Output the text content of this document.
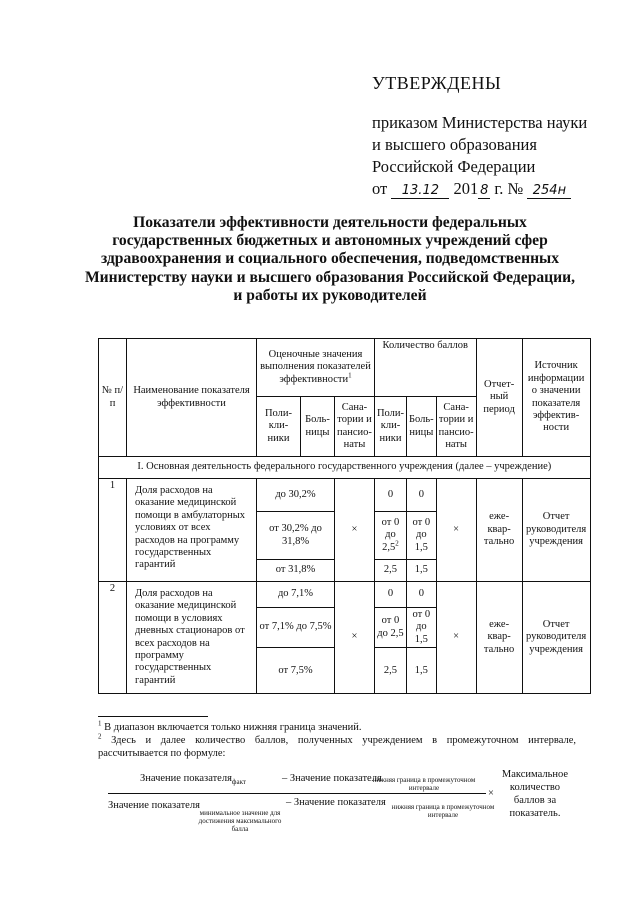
УТВЕРЖДЕНЫ
приказом Министерства науки
и высшего образования
Российской Федерации
от 13.12 201 8 г. № 254н
Показатели эффективности деятельности федеральных
государственных бюджетных и автономных учреждений сфер
здравоохранения и социального обеспечения, подведомственных
Министерству науки и высшего образования Российской Федерации,
и работы их руководителей
№ п/п	Наименование показателя эффективности	Оценочные значения выполнения показателей эффективности$^1$			Количество баллов			Отчет-ный период	Источник информации о значении показателя эффектив-ности
		Поли-кли-ники	Боль-ницы	Сана-тории и пансио-наты	Поли-кли-ники	Боль-ницы	Сана-тории и пансио-наты		
I. Основная деятельность федерального государственного учреждения (далее – учреждение)									
1	Доля расходов на оказание медицинской помощи в амбулаторных условиях от всех расходов на программу государственных гарантий	до 30,2%		×	0	0	×	еже-квар-тально	Отчет руководителя учреждения
		от 30,2% до 31,8%			от 0 до $2,5^2$	от 0 до 1,5			
		от 31,8%			2,5	1,5			
2	Доля расходов на оказание медицинской помощи в условиях дневных стационаров от всех расходов на программу государственных гарантий	до 7,1%		×	0	0	×	еже-квар-тально	Отчет руководителя учреждения
		от 7,1% до 7,5%			от 0 до 2,5	от 0 до 1,5			
		от 7,5%			2,5	1,5			

$^1$ В диапазон включается только нижняя граница значений.

$^2$ Здесь и далее количество баллов, полученных учреждением в промежуточном интервале, рассчитывается по формуле:

Значение показателя$_{факт}$	– Значение показателя
нижняя граница в промежуточном интервале	×
Значение показателя
минимальное значение для достижения максимального балла
– Значение показателя нижняя граница в промежуточном интервале
Максимальное количество баллов за показатель.
